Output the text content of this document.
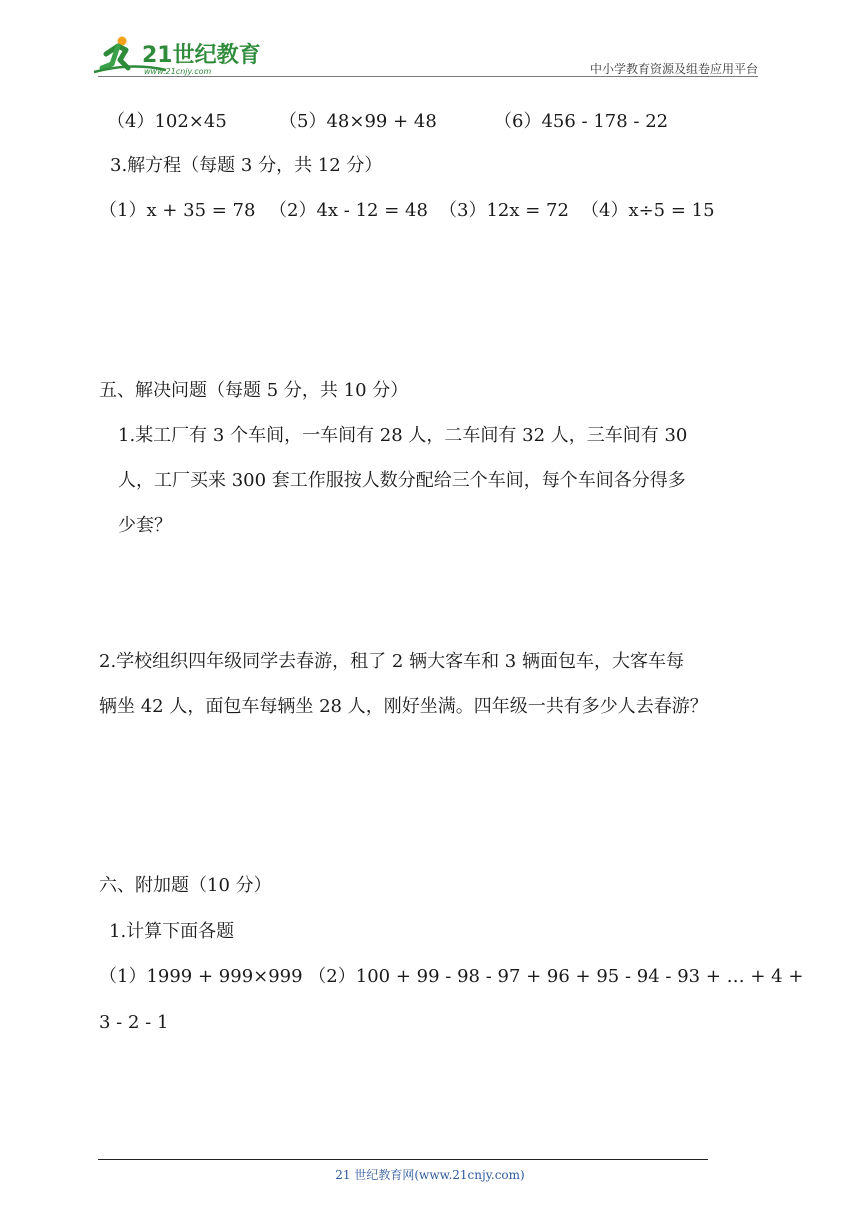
21世纪教育
www.21cnjy.com	中小学教育资源及组卷应用平台
（4）102×45	（5）48×99 + 48	（6）456 - 178 - 22
3.解方程（每题 3 分，共 12 分）
（1）x + 35 = 78 （2）4x - 12 = 48 （3）12x = 72 （4）x÷5 = 15
五、解决问题（每题 5 分，共 10 分）
1.某工厂有 3 个车间，一车间有 28 人，二车间有 32 人，三车间有 30
人，工厂买来 300 套工作服按人数分配给三个车间，每个车间各分得多
少套？
2.学校组织四年级同学去春游，租了 2 辆大客车和 3 辆面包车，大客车每
辆坐 42 人，面包车每辆坐 28 人，刚好坐满。四年级一共有多少人去春游？
六、附加题（10 分）
1.计算下面各题
（1）1999 + 999×999 （2）100 + 99 - 98 - 97 + 96 + 95 - 94 - 93 + … + 4 +
3 - 2 - 1
21 世纪教育网(www.21cnjy.com)
